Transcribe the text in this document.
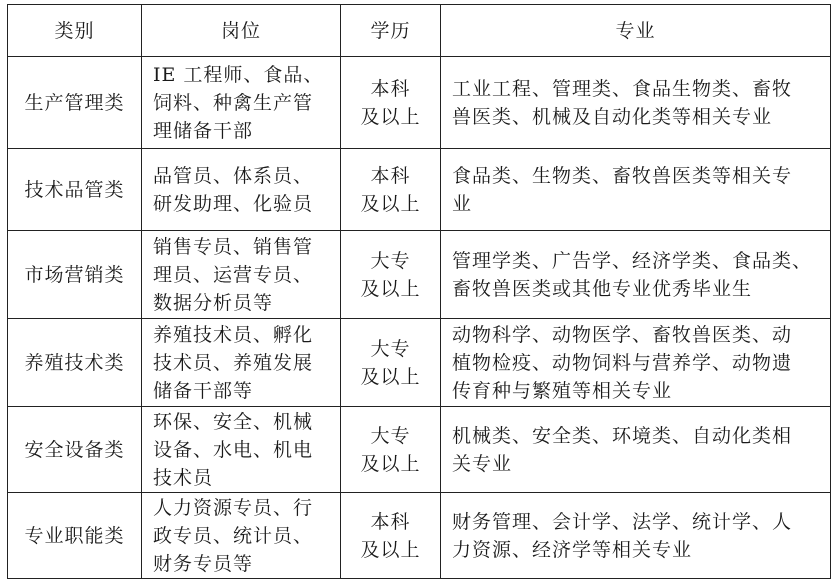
类别	岗位	学历	专业
生产管理类	IE 工程师、食品、
饲料、种禽生产管
理储备干部	本科
及以上	工业工程、管理类、食品生物类、畜牧
兽医类、机械及自动化类等相关专业

技术品管类	品管员、体系员、
研发助理、化验员	本科
及以上	食品类、生物类、畜牧兽医类等相关专
业

市场营销类	销售专员、销售管
理员、运营专员、
数据分析员等	大专
及以上	管理学类、广告学、经济学类、食品类、
畜牧兽医类或其他专业优秀毕业生

养殖技术类	养殖技术员、孵化
技术员、养殖发展
储备干部等	大专
及以上	动物科学、动物医学、畜牧兽医类、动
植物检疫、动物饲料与营养学、动物遗
传育种与繁殖等相关专业

安全设备类	环保、安全、机械
设备、水电、机电
技术员	大专
及以上	机械类、安全类、环境类、自动化类相
关专业

专业职能类	人力资源专员、行
政专员、统计员、
财务专员等	本科
及以上	财务管理、会计学、法学、统计学、人
力资源、经济学等相关专业
